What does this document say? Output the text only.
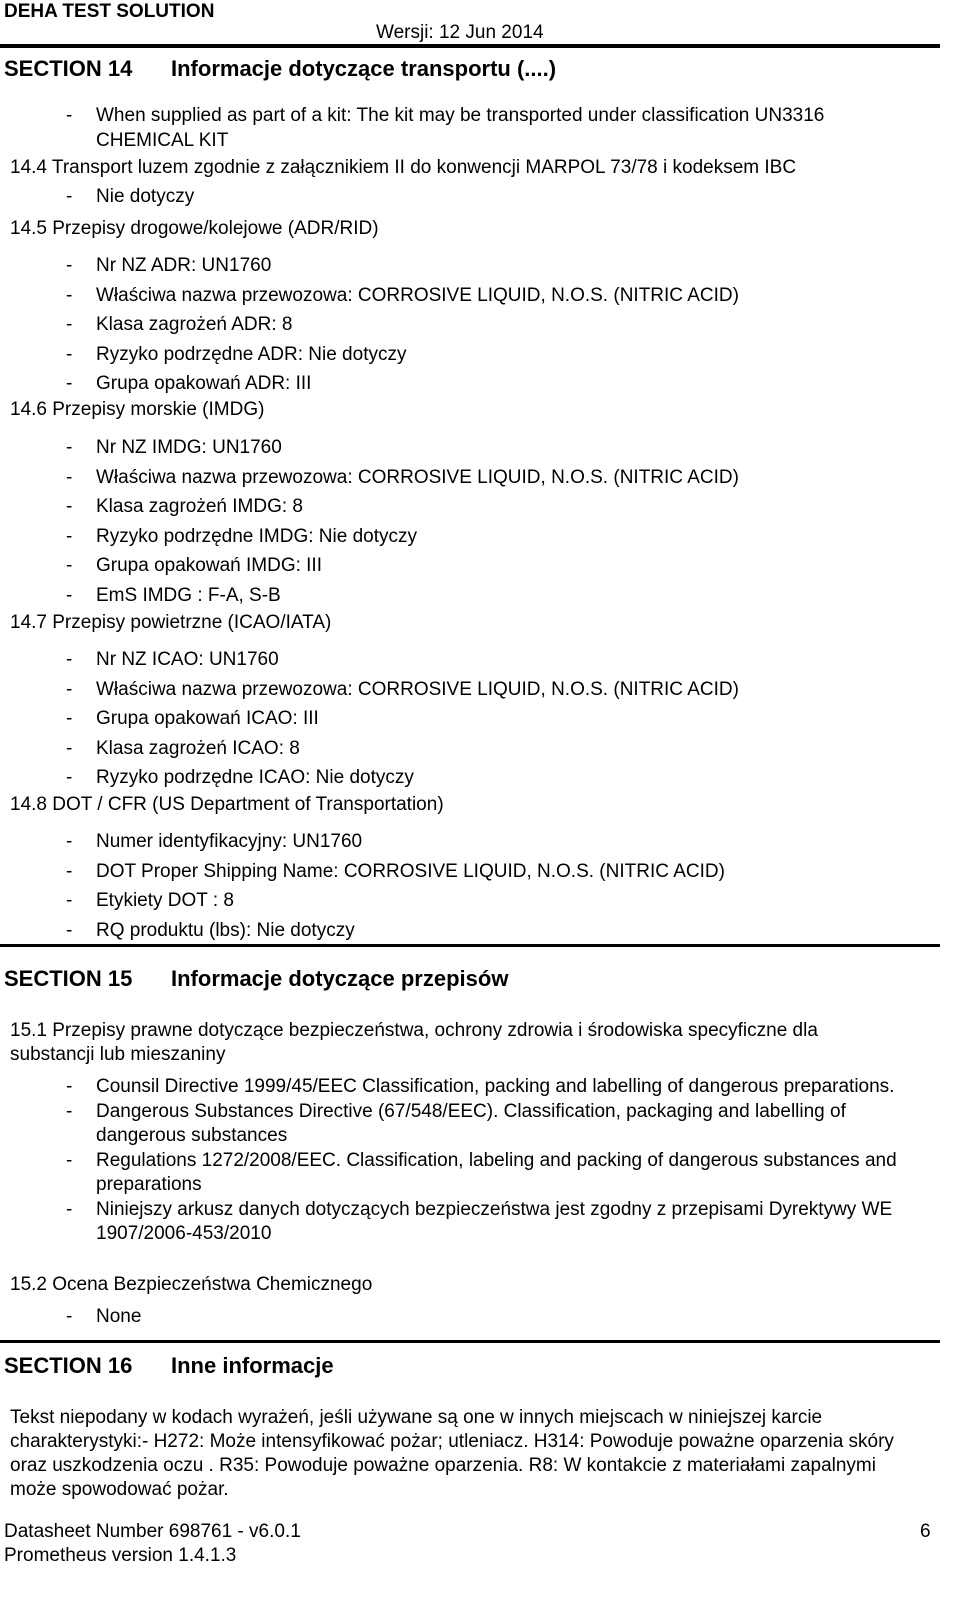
DEHA TEST SOLUTION
Wersji: 12 Jun 2014
SECTION 14 Informacje dotyczące transportu (....)
- When supplied as part of a kit: The kit may be transported under classification UN3316
CHEMICAL KIT
14.4 Transport luzem zgodnie z załącznikiem II do konwencji MARPOL 73/78 i kodeksem IBC
- Nie dotyczy
14.5 Przepisy drogowe/kolejowe (ADR/RID)
- Nr NZ ADR: UN1760
- Właściwa nazwa przewozowa: CORROSIVE LIQUID, N.O.S. (NITRIC ACID)
- Klasa zagrożeń ADR: 8
- Ryzyko podrzędne ADR: Nie dotyczy
- Grupa opakowań ADR: III
14.6 Przepisy morskie (IMDG)
- Nr NZ IMDG: UN1760
- Właściwa nazwa przewozowa: CORROSIVE LIQUID, N.O.S. (NITRIC ACID)
- Klasa zagrożeń IMDG: 8
- Ryzyko podrzędne IMDG: Nie dotyczy
- Grupa opakowań IMDG: III
- EmS IMDG : F-A, S-B
14.7 Przepisy powietrzne (ICAO/IATA)
- Nr NZ ICAO: UN1760
- Właściwa nazwa przewozowa: CORROSIVE LIQUID, N.O.S. (NITRIC ACID)
- Grupa opakowań ICAO: III
- Klasa zagrożeń ICAO: 8
- Ryzyko podrzędne ICAO: Nie dotyczy
14.8 DOT / CFR (US Department of Transportation)
- Numer identyfikacyjny: UN1760
- DOT Proper Shipping Name: CORROSIVE LIQUID, N.O.S. (NITRIC ACID)
- Etykiety DOT : 8
- RQ produktu (lbs): Nie dotyczy
SECTION 15 Informacje dotyczące przepisów
15.1 Przepisy prawne dotyczące bezpieczeństwa, ochrony zdrowia i środowiska specyficzne dla substancji lub mieszaniny
-	Counsil Directive 1999/45/EEC Classification, packing and labelling of dangerous preparations.
-	Dangerous Substances Directive (67/548/EEC). Classification, packaging and labelling of dangerous substances
-	Regulations 1272/2008/EEC. Classification, labeling and packing of dangerous substances and preparations
-	Niniejszy arkusz danych dotyczących bezpieczeństwa jest zgodny z przepisami Dyrektywy WE 1907/2006-453/2010
15.2 Ocena Bezpieczeństwa Chemicznego
- None
SECTION 16 Inne informacje
Tekst niepodany w kodach wyrażeń, jeśli używane są one w innych miejscach w niniejszej karcie charakterystyki:- H272: Może intensyfikować pożar; utleniacz. H314: Powoduje poważne oparzenia skóry oraz uszkodzenia oczu . R35: Powoduje poważne oparzenia. R8: W kontakcie z materiałami zapalnymi może spowodować pożar.
Datasheet Number 698761 - v6.0.1
Prometheus version 1.4.1.3
6
